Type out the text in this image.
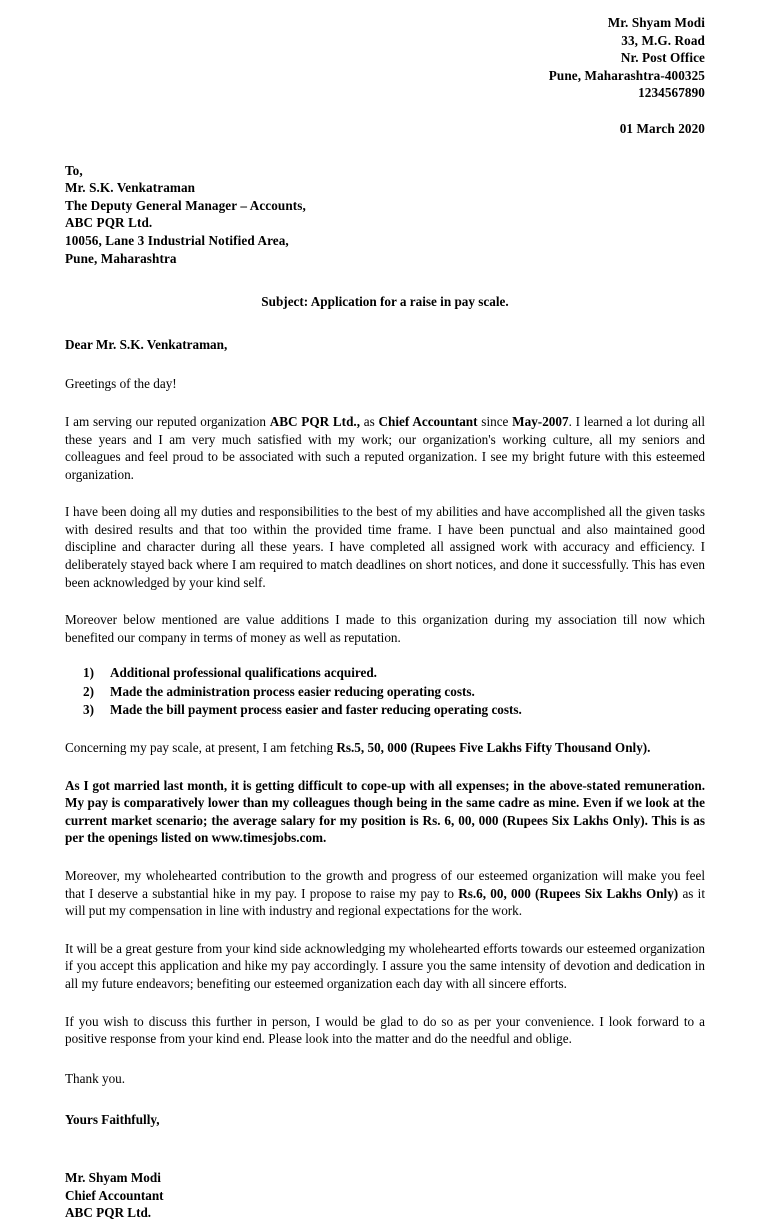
Mr. Shyam Modi
33, M.G. Road
Nr. Post Office
Pune, Maharashtra-400325
1234567890
01 March 2020
To,
Mr. S.K. Venkatraman
The Deputy General Manager – Accounts,
ABC PQR Ltd.
10056, Lane 3 Industrial Notified Area,
Pune, Maharashtra
Subject: Application for a raise in pay scale.
Dear Mr. S.K. Venkatraman,
Greetings of the day!

I am serving our reputed organization ABC PQR Ltd., as Chief Accountant since May-2007. I learned a lot during all these years and I am very much satisfied with my work; our organization's working culture, all my seniors and colleagues and feel proud to be associated with such a reputed organization. I see my bright future with this esteemed organization.

I have been doing all my duties and responsibilities to the best of my abilities and have accomplished all the given tasks with desired results and that too within the provided time frame. I have been punctual and also maintained good discipline and character during all these years. I have completed all assigned work with accuracy and efficiency. I deliberately stayed back where I am required to match deadlines on short notices, and done it successfully. This has even been acknowledged by your kind self.

Moreover below mentioned are value additions I made to this organization during my association till now which benefited our company in terms of money as well as reputation.

1)	Additional professional qualifications acquired.
2)	Made the administration process easier reducing operating costs.
3)	Made the bill payment process easier and faster reducing operating costs.

Concerning my pay scale, at present, I am fetching Rs.5, 50, 000 (Rupees Five Lakhs Fifty Thousand Only).

As I got married last month, it is getting difficult to cope-up with all expenses; in the above-stated remuneration. My pay is comparatively lower than my colleagues though being in the same cadre as mine. Even if we look at the current market scenario; the average salary for my position is Rs. 6, 00, 000 (Rupees Six Lakhs Only). This is as per the openings listed on www.timesjobs.com.

Moreover, my wholehearted contribution to the growth and progress of our esteemed organization will make you feel that I deserve a substantial hike in my pay. I propose to raise my pay to Rs.6, 00, 000 (Rupees Six Lakhs Only) as it will put my compensation in line with industry and regional expectations for the work.

It will be a great gesture from your kind side acknowledging my wholehearted efforts towards our esteemed organization if you accept this application and hike my pay accordingly. I assure you the same intensity of devotion and dedication in all my future endeavors; benefiting our esteemed organization each day with all sincere efforts.

If you wish to discuss this further in person, I would be glad to do so as per your convenience. I look forward to a positive response from your kind end. Please look into the matter and do the needful and oblige.

Thank you.
Yours Faithfully,
Mr. Shyam Modi
Chief Accountant
ABC PQR Ltd.
